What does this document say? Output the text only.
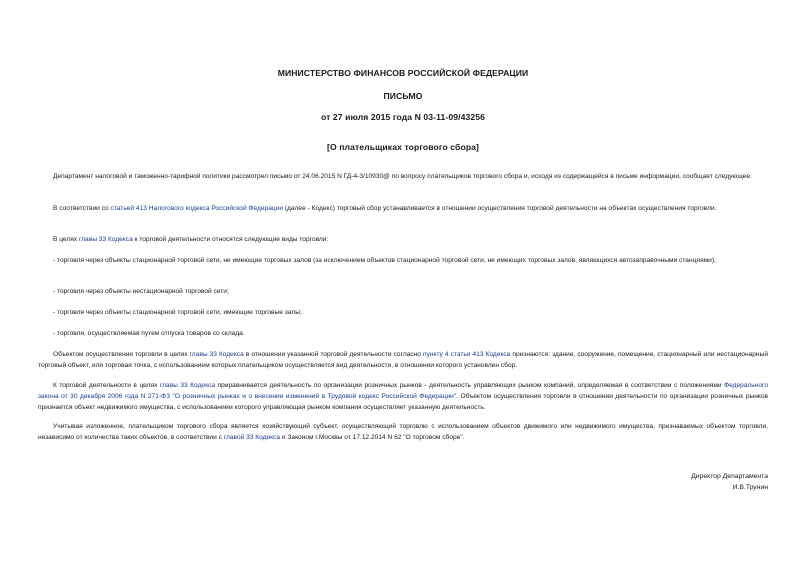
МИНИСТЕРСТВО ФИНАНСОВ РОССИЙСКОЙ ФЕДЕРАЦИИ
ПИСЬМО
от 27 июля 2015 года N 03-11-09/43256
[О плательщиках торгового сбора]

Департамент налоговой и таможенно-тарифной политики рассмотрел письмо от 24.06.2015 N ГД-4-3/10930@ по вопросу плательщиков торгового сбора и, исходя из содержащейся в письме информации, сообщает следующее.

В соответствии со статьей 413 Налогового кодекса Российской Федерации (далее - Кодекс) торговый сбор устанавливается в отношении осуществления торговой деятельности на объектах осуществления торговли.

В целях главы 33 Кодекса к торговой деятельности относятся следующие виды торговли:

- торговля через объекты стационарной торговой сети, не имеющие торговых залов (за исключением объектов стационарной торговой сети, не имеющих торговых залов, являющихся автозаправочными станциями);

- торговля через объекты нестационарной торговой сети;

- торговля через объекты стационарной торговой сети, имеющие торговые залы;

- торговля, осуществляемая путем отпуска товаров со склада.

Объектом осуществления торговли в целях главы 33 Кодекса в отношении указанной торговой деятельности согласно пункту 4 статьи 413 Кодекса признаются: здание, сооружение, помещение, стационарный или нестационарный торговый объект, или торговая точка, с использованием которых плательщиком осуществляется вид деятельности, в отношении которого установлен сбор.

К торговой деятельности в целях главы 33 Кодекса приравнивается деятельность по организации розничных рынков - деятельность управляющих рынком компаний, определяемая в соответствии с положениями Федерального закона от 30 декабря 2006 года N 271-ФЗ "О розничных рынках и о внесении изменений в Трудовой кодекс Российской Федерации". Объектом осуществления торговли в отношении деятельности по организации розничных рынков признается объект недвижимого имущества, с использованием которого управляющая рынком компания осуществляет указанную деятельность.

Учитывая изложенное, плательщиком торгового сбора является хозяйствующий субъект, осуществляющий торговлю с использованием объектов движимого или недвижимого имущества, признаваемых объектом торговли, независимо от количества таких объектов, в соответствии с главой 33 Кодекса и Законом г.Москвы от 17.12.2014 N 62 "О торговом сборе".

Директор Департамента
И.В.Трунин
